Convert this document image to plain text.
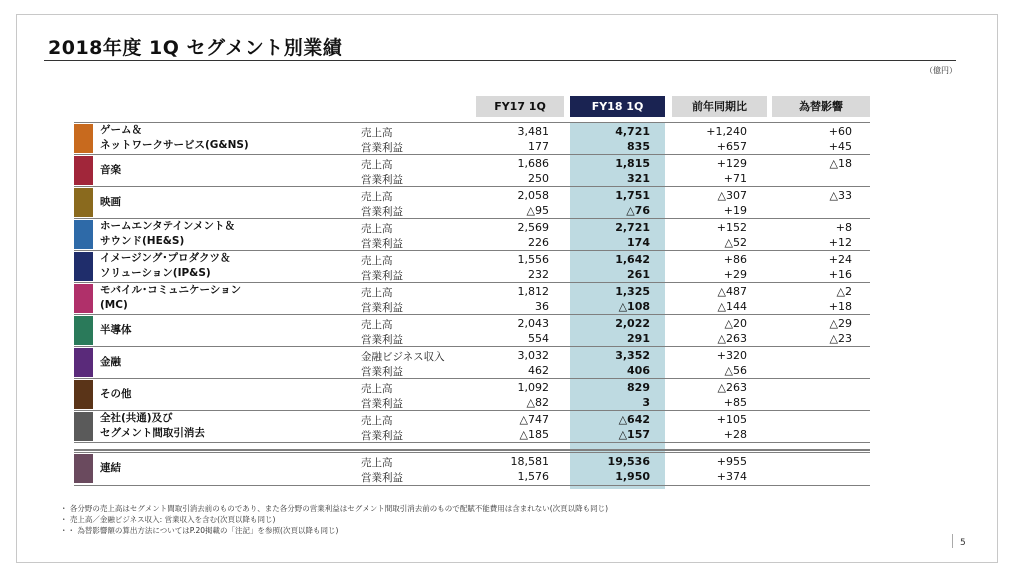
2018年度 1Q セグメント別業績
（億円）
FY17 1Q	FY18 1Q	前年同期比	為替影響
ゲーム＆
ネットワークサービス(G&NS)
売上高	3,481	4,721	+1,240	+60
営業利益	177	835	+657	+45
音楽	売上高	1,686	1,815	+129	△18
営業利益	250	321	+71
映画	売上高	2,058	1,751	△307	△33
営業利益	△95	△76	+19
ホームエンタテインメント＆
サウンド(HE&S)
売上高	2,569	2,721	+152	+8
営業利益	226	174	△52	+12
イメージング･プロダクツ＆
ソリューション(IP&S)
売上高	1,556	1,642	+86	+24
営業利益	232	261	+29	+16
モバイル･コミュニケーション
(MC)
売上高	1,812	1,325	△487	△2
営業利益	36	△108	△144	+18
半導体	売上高	2,043	2,022	△20	△29
営業利益	554	291	△263	△23
金融	金融ビジネス収入	3,032	3,352	+320
営業利益	462	406	△56
その他	売上高	1,092	829	△263
営業利益	△82	3	+85
全社(共通)及び
セグメント間取引消去
売上高	△747	△642	+105
営業利益	△185	△157	+28
連結	売上高	18,581	19,536	+955
営業利益	1,576	1,950	+374
・ 各分野の売上高はセグメント間取引消去前のものであり、また各分野の営業利益はセグメント間取引消去前のもので配賦不能費用は含まれない(次頁以降も同じ)
・ 売上高／金融ビジネス収入: 営業収入を含む(次頁以降も同じ)
・・ 為替影響額の算出方法についてはP.20掲載の「注記」を参照(次頁以降も同じ)
5
